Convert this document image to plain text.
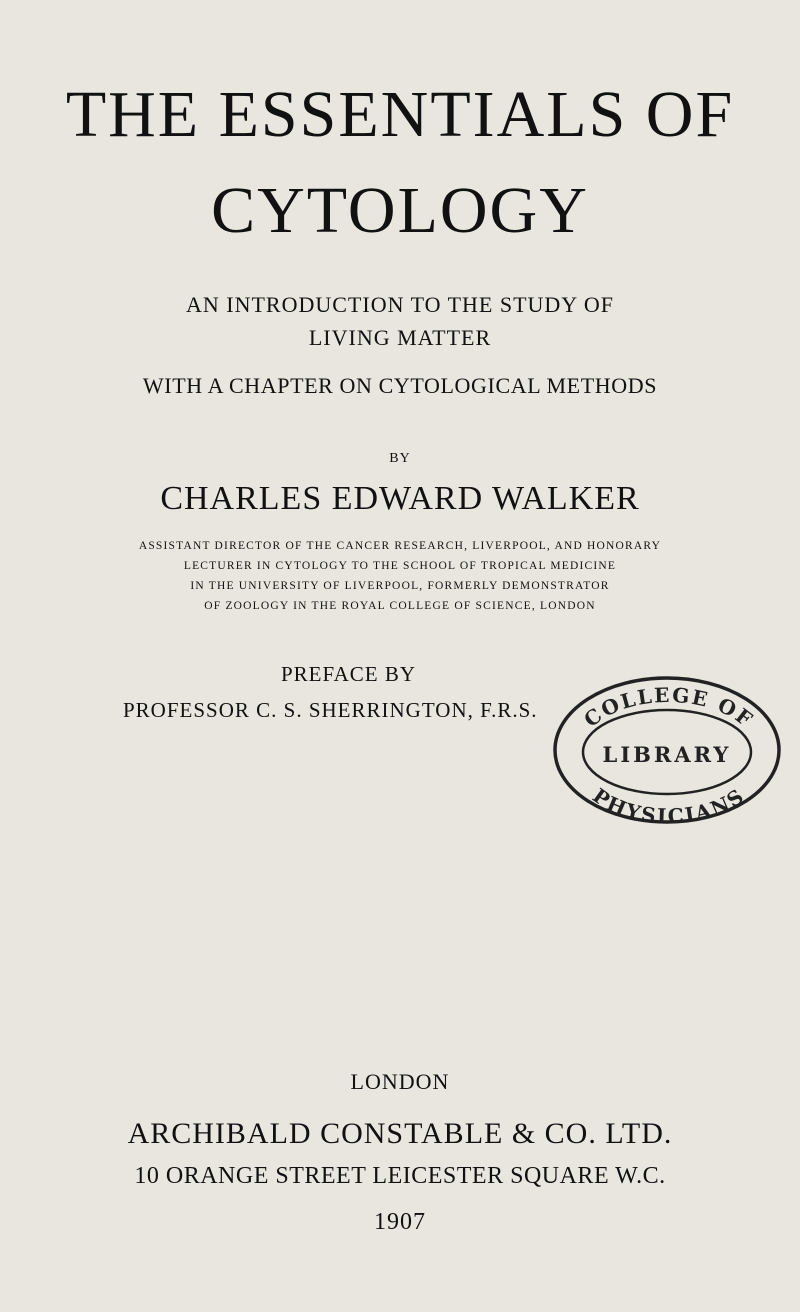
THE ESSENTIALS OF
CYTOLOGY
AN INTRODUCTION TO THE STUDY OF
LIVING MATTER
WITH A CHAPTER ON CYTOLOGICAL METHODS
BY
CHARLES EDWARD WALKER
ASSISTANT DIRECTOR OF THE CANCER RESEARCH, LIVERPOOL, AND HONORARY
LECTURER IN CYTOLOGY TO THE SCHOOL OF TROPICAL MEDICINE
IN THE UNIVERSITY OF LIVERPOOL, FORMERLY DEMONSTRATOR
OF ZOOLOGY IN THE ROYAL COLLEGE OF SCIENCE, LONDON
PREFACE BY
PROFESSOR C. S. SHERRINGTON, F.R.S. COLLEGE OF
LIBRARY
PHYSICIANS
LONDON
ARCHIBALD CONSTABLE & CO. LTD.
10 ORANGE STREET LEICESTER SQUARE W.C.
1907
